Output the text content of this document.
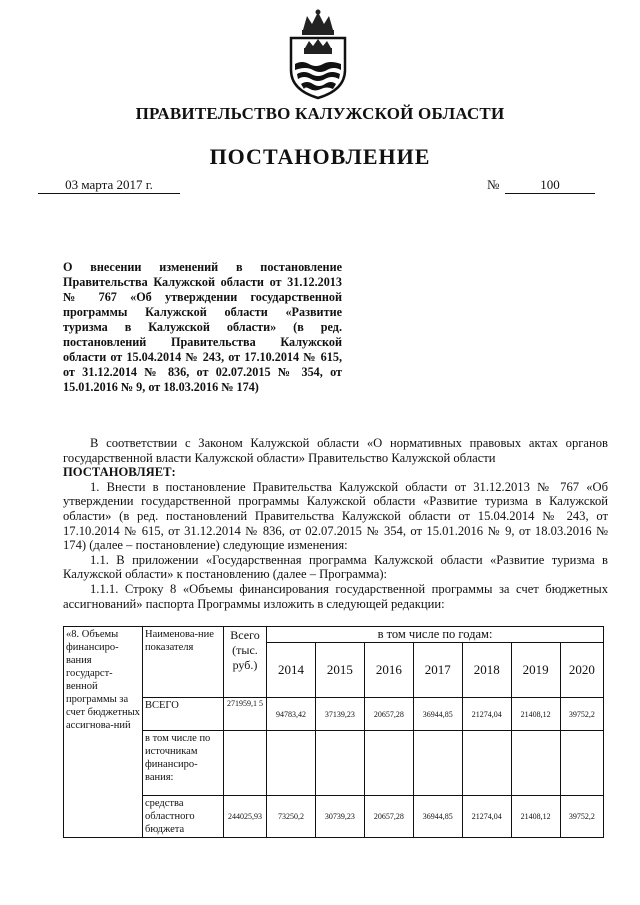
ПРАВИТЕЛЬСТВО КАЛУЖСКОЙ ОБЛАСТИ
ПОСТАНОВЛЕНИЕ
03 марта 2017 г.	№	100
О внесении изменений в постановление Правительства Калужской области от 31.12.2013 № 767 «Об утверждении государственной программы Калужской области «Развитие туризма в Калужской области» (в ред. постановлений Правительства Калужской области от 15.04.2014 № 243, от 17.10.2014 № 615, от 31.12.2014 № 836, от 02.07.2015 № 354, от 15.01.2016 № 9, от 18.03.2016 № 174)

В соответствии с Законом Калужской области «О нормативных правовых актах органов государственной власти Калужской области» Правительство Калужской области

ПОСТАНОВЛЯЕТ:

1. Внести в постановление Правительства Калужской области от 31.12.2013 № 767 «Об утверждении государственной программы Калужской области «Развитие туризма в Калужской области» (в ред. постановлений Правительства Калужской области от 15.04.2014 № 243, от 17.10.2014 № 615, от 31.12.2014 № 836, от 02.07.2015 № 354, от 15.01.2016 № 9, от 18.03.2016 № 174) (далее – постановление) следующие изменения:

1.1. В приложении «Государственная программа Калужской области «Развитие туризма в Калужской области» к постановлению (далее – Программа):

1.1.1. Строку 8 «Объемы финансирования государственной программы за счет бюджетных ассигнований» паспорта Программы изложить в следующей редакции:

«8. Объемы финансиро-вания государст-венной программы за счет бюджетных ассигнова-ний	Наименова-ние показателя	Всего (тыс. руб.)	в том числе по годам:						
			2014	2015	2016	2017	2018	2019	2020
	ВСЕГО	271959,1 5	94783,42	37139,23	20657,28	36944,85	21274,04	21408,12	39752,2
	в том числе по источникам финансиро-вания:								
	средства областного бюджета	244025,93	73250,2	30739,23	20657,28	36944,85	21274,04	21408,12	39752,2
